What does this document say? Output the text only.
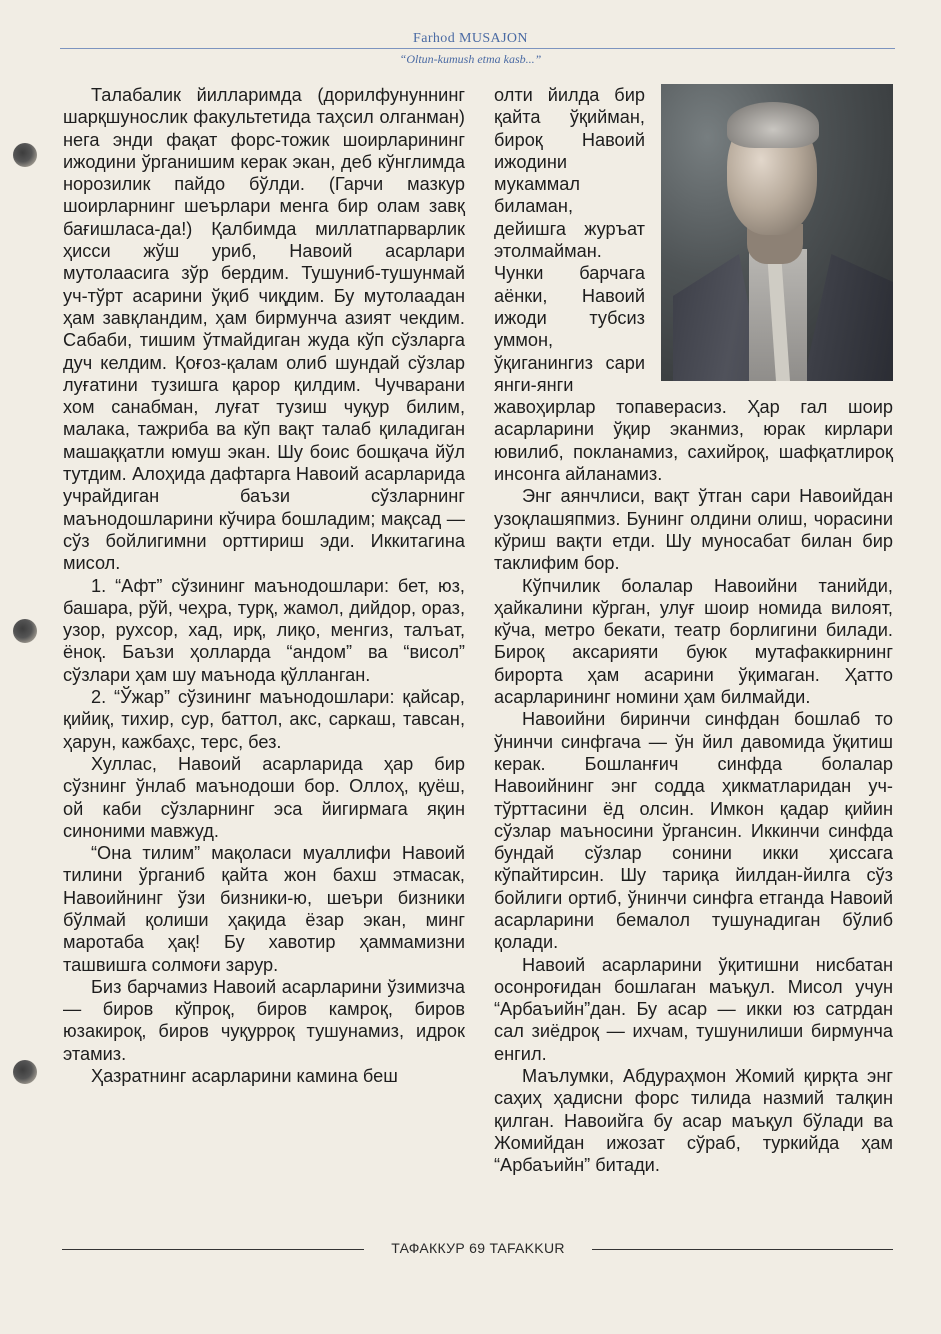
Farhod MUSAJON
“Oltun-kumush etma kasb...”

Талабалик йилларимда (дорилфунуннинг шарқшунослик факультетида таҳсил олганман) нега энди фақат форс-тожик шоирларининг ижодини ўрганишим керак экан, деб кўнглимда норозилик пайдо бўлди. (Гарчи мазкур шоирларнинг шеърлари менга бир олам завқ бағишласа-да!) Қалбимда миллатпарварлик ҳисси жўш уриб, Навоий асарлари мутолаасига зўр бердим. Тушуниб-тушунмай уч-тўрт асарини ўқиб чиқдим. Бу мутолаадан ҳам завқландим, ҳам бирмунча азият чекдим. Сабаби, тишим ўтмайдиган жуда кўп сўзларга дуч келдим. Қоғоз-қалам олиб шундай сўзлар луғатини тузишга қарор қилдим. Чучварани хом санабман, луғат тузиш чуқур билим, малака, тажриба ва кўп вақт талаб қиладиган машаққатли юмуш экан. Шу боис бошқача йўл тутдим. Алоҳида дафтарга Навоий асарларида учрайдиган баъзи сўзларнинг маънодошларини кўчира бошладим; мақсад — сўз бойлигимни орттириш эди. Иккитагина мисол.

1. “Афт” сўзининг маънодошлари: бет, юз, башара, рўй, чеҳра, турқ, жамол, дийдор, ораз, узор, рухсор, хад, ирқ, лиқо, менгиз, талъат, ёноқ. Баъзи ҳолларда “андом” ва “висол” сўзлари ҳам шу маънода қўлланган.

2. “Ўжар” сўзининг маънодошлари: қайсар, қийиқ, тихир, сур, баттол, акс, саркаш, тавсан, ҳарун, кажбаҳс, терс, без.

Хуллас, Навоий асарларида ҳар бир сўзнинг ўнлаб маънодоши бор. Оллоҳ, қуёш, ой каби сўзларнинг эса йигирмага яқин синоними мавжуд.

“Она тилим” мақоласи муаллифи Навоий тилини ўрганиб қайта жон бахш этмасак, Навоийнинг ўзи бизники-ю, шеъри бизники бўлмай қолиши ҳақида ёзар экан, минг маротаба ҳақ! Бу хавотир ҳаммамизни ташвишга солмоғи зарур.

Биз барчамиз Навоий асарларини ўзимизча — биров кўпроқ, биров камроқ, биров юзакироқ, биров чуқурроқ тушунамиз, идрок этамиз.

Ҳазратнинг асарларини камина беш

олти йилда бир қайта ўқийман, бироқ Навоий ижодини мукаммал биламан, дейишга журъат этолмайман. Чунки барчага аёнки, Навоий ижоди тубсиз уммон, ўқиганингиз сари янги-янги жавоҳирлар топаверасиз. Ҳар гал шоир асарларини ўқир эканмиз, юрак кирлари ювилиб, покланамиз, сахийроқ, шафқатлироқ инсонга айланамиз.

Энг аянчлиси, вақт ўтган сари Навоийдан узоқлашяпмиз. Бунинг олдини олиш, чорасини кўриш вақти етди. Шу муносабат билан бир таклифим бор.

Кўпчилик болалар Навоийни танийди, ҳайкалини кўрган, улуғ шоир номида вилоят, кўча, метро бекати, театр борлигини билади. Бироқ аксарияти буюк мутафаккирнинг бирорта ҳам асарини ўқимаган. Ҳатто асарларининг номини ҳам билмайди.

Навоийни биринчи синфдан бошлаб то ўнинчи синфгача — ўн йил давомида ўқитиш керак. Бошланғич синфда болалар Навоийнинг энг содда ҳикматларидан уч-тўрттасини ёд олсин. Имкон қадар қийин сўзлар маъносини ўргансин. Иккинчи синфда бундай сўзлар сонини икки ҳиссага кўпайтирсин. Шу тариқа йилдан-йилга сўз бойлиги ортиб, ўнинчи синфга етганда Навоий асарларини бемалол тушунадиган бўлиб қолади.

Навоий асарларини ўқитишни нисбатан осонроғидан бошлаган маъқул. Мисол учун “Арбаъийн”дан. Бу асар — икки юз сатрдан сал зиёдроқ — ихчам, тушунилиши бирмунча енгил.

Маълумки, Абдураҳмон Жомий қирқта энг саҳиҳ ҳадисни форс тилида назмий талқин қилган. Навоийга бу асар маъқул бўлади ва Жомийдан ижозат сўраб, туркийда ҳам “Арбаъийн” битади.

ТАФАККУР 69 TAFAKKUR
